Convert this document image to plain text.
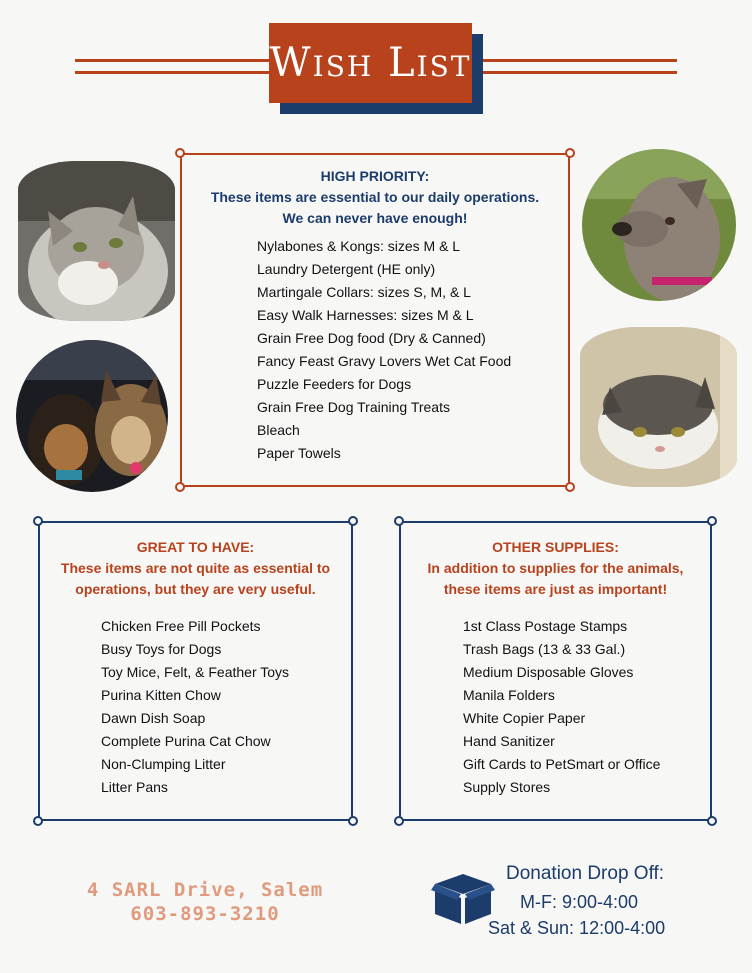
Wish List
HIGH PRIORITY:
These items are essential to our daily operations.
We can never have enough!
Nylabones & Kongs: sizes M & L
Laundry Detergent (HE only)
Martingale Collars: sizes S, M, & L
Easy Walk Harnesses: sizes M & L
Grain Free Dog food (Dry & Canned)
Fancy Feast Gravy Lovers Wet Cat Food
Puzzle Feeders for Dogs
Grain Free Dog Training Treats
Bleach
Paper Towels
GREAT TO HAVE:
These items are not quite as essential to
operations, but they are very useful.
Chicken Free Pill Pockets
Busy Toys for Dogs
Toy Mice, Felt, & Feather Toys
Purina Kitten Chow
Dawn Dish Soap
Complete Purina Cat Chow
Non-Clumping Litter
Litter Pans
OTHER SUPPLIES:
In addition to supplies for the animals,
these items are just as important!
1st Class Postage Stamps
Trash Bags (13 & 33 Gal.)
Medium Disposable Gloves
Manila Folders
White Copier Paper
Hand Sanitizer
Gift Cards to PetSmart or Office
Supply Stores
4 SARL Drive, Salem
603-893-3210
Donation Drop Off:
M-F: 9:00-4:00
Sat & Sun: 12:00-4:00
